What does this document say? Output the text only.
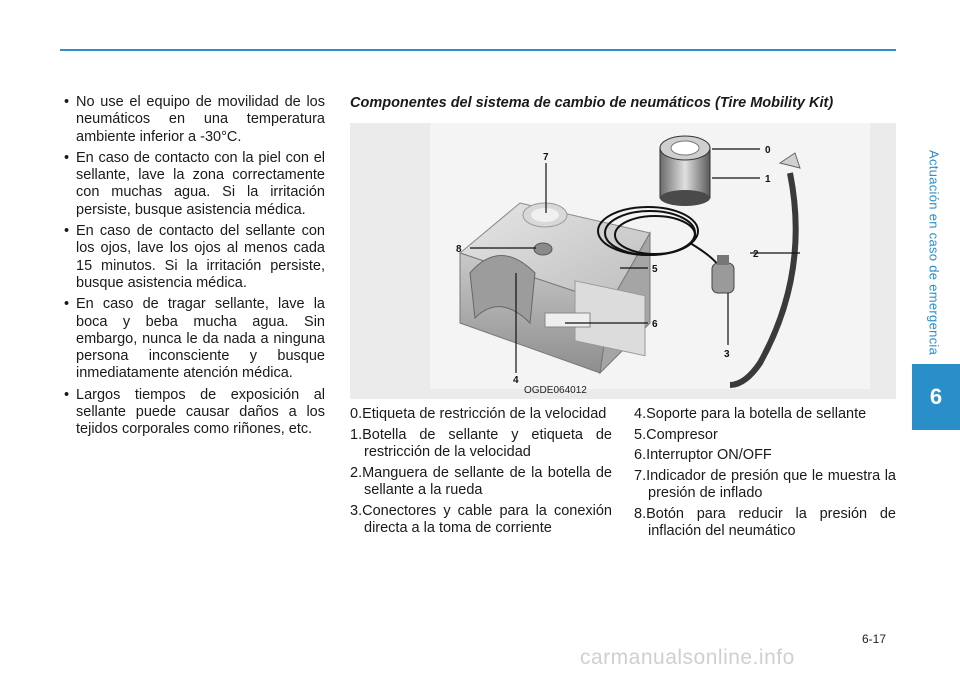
Actuación en caso de emergencia
6
• No use el equipo de movilidad de los neumáticos en una temperatura ambiente inferior a -30°C.
• En caso de contacto con la piel con el sellante, lave la zona correctamente con muchas agua. Si la irritación persiste, busque asistencia médica.
• En caso de contacto del sellante con los ojos, lave los ojos al menos cada 15 minutos. Si la irritación persiste, busque asistencia médica.
• En caso de tragar sellante, lave la boca y beba mucha agua. Sin embargo, nunca le da nada a ninguna persona inconsciente y busque inmediatamente atención médica.
• Largos tiempos de exposición al sellante puede causar daños a los tejidos corporales como riñones, etc.
Componentes del sistema de cambio de neumáticos (Tire Mobility Kit)
0
1
2
3
4
5
6
7
8
OGDE064012
0.Etiqueta de restricción de la velocidad
1.Botella de sellante y etiqueta de restricción de la velocidad
2.Manguera de sellante de la botella de sellante a la rueda
3.Conectores y cable para la conexión directa a la toma de corriente
4.Soporte para la botella de sellante
5.Compresor
6.Interruptor ON/OFF
7.Indicador de presión que le muestra la presión de inflado
8.Botón para reducir la presión de inflación del neumático
6-17
carmanualsonline.info
